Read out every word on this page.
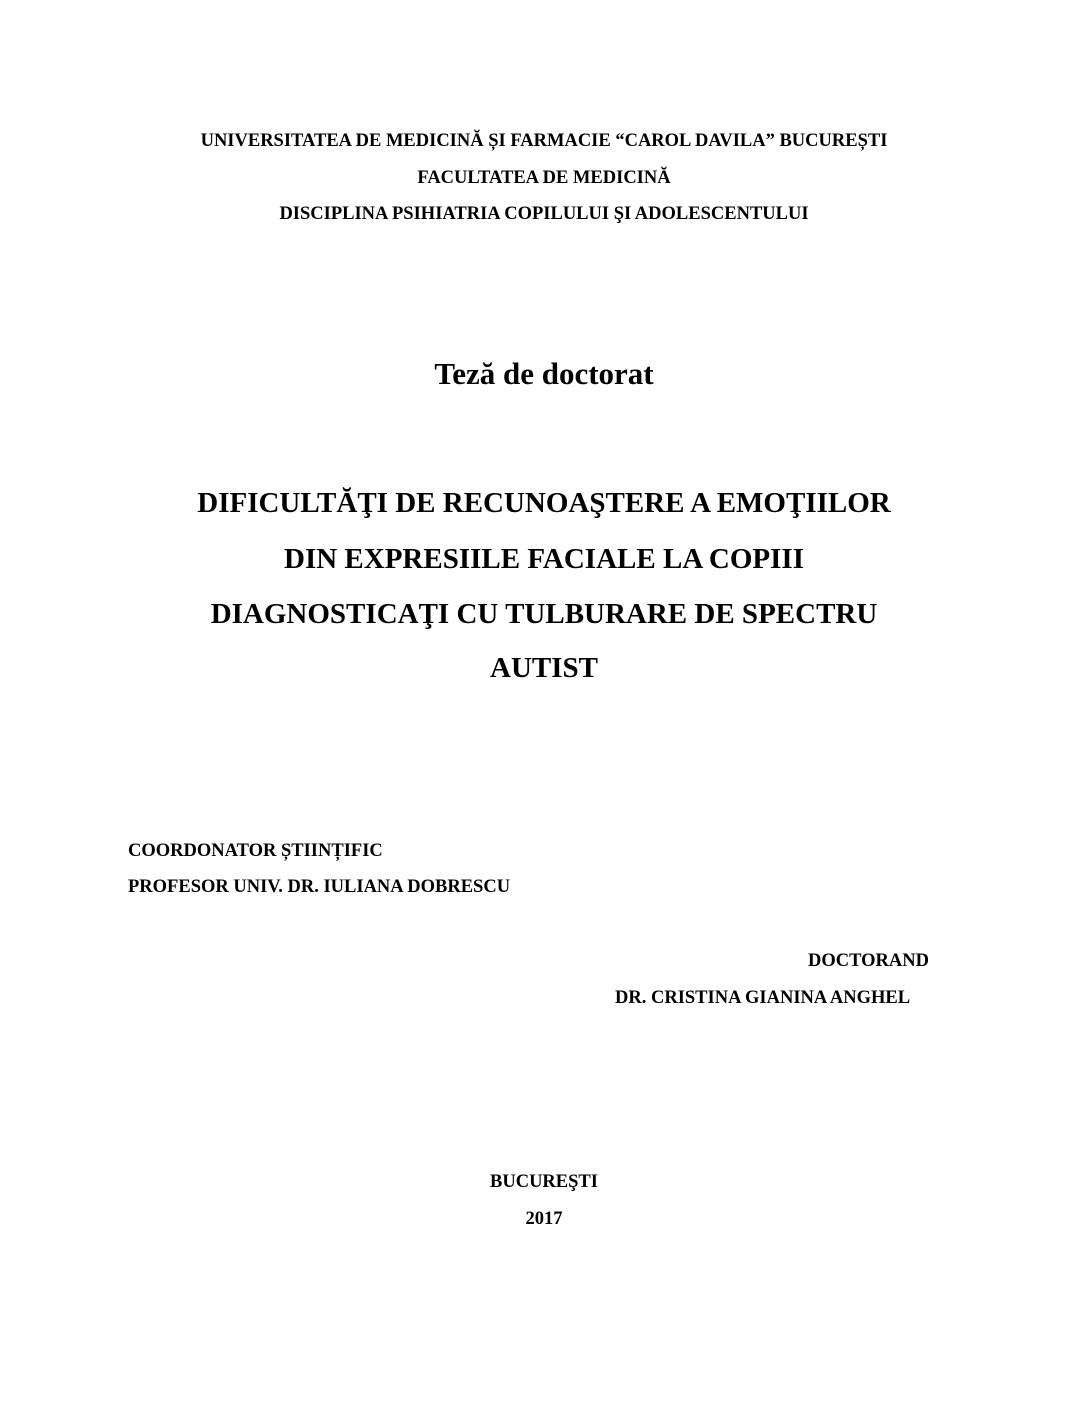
UNIVERSITATEA DE MEDICINĂ ȘI FARMACIE “CAROL DAVILA” BUCUREȘTI
FACULTATEA DE MEDICINĂ
DISCIPLINA PSIHIATRIA COPILULUI ŞI ADOLESCENTULUI
Teză de doctorat
DIFICULTĂŢI DE RECUNOAŞTERE A EMOŢIILOR
DIN EXPRESIILE FACIALE LA COPIII
DIAGNOSTICAŢI CU TULBURARE DE SPECTRU
AUTIST
COORDONATOR ȘTIINȚIFIC
PROFESOR UNIV. DR. IULIANA DOBRESCU
DOCTORAND
DR. CRISTINA GIANINA ANGHEL
BUCUREŞTI
2017
